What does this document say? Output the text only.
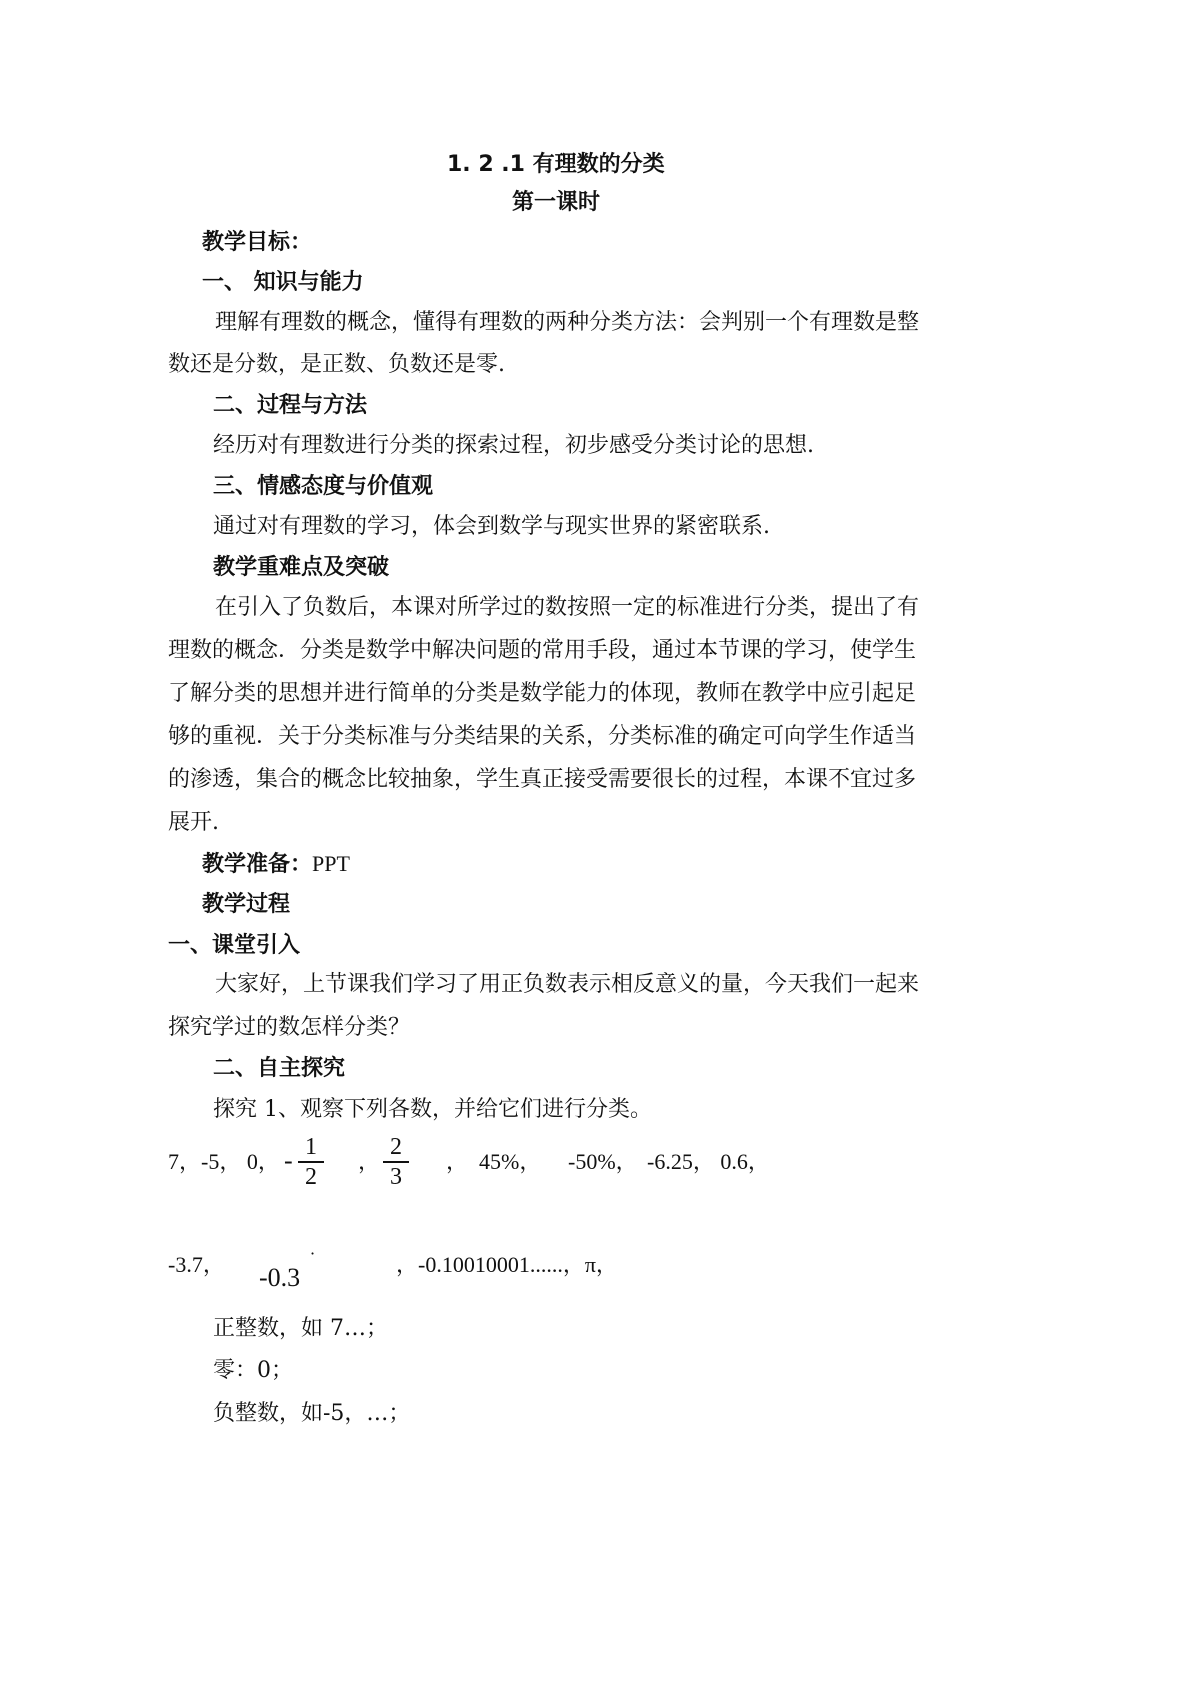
1. 2 .1 有理数的分类
第一课时
教学目标：
一、 知识与能力
理解有理数的概念，懂得有理数的两种分类方法：会判别一个有理数是整
数还是分数，是正数、负数还是零.
二、过程与方法
经历对有理数进行分类的探索过程，初步感受分类讨论的思想.
三、情感态度与价值观
通过对有理数的学习，体会到数学与现实世界的紧密联系.
教学重难点及突破
在引入了负数后，本课对所学过的数按照一定的标准进行分类，提出了有
理数的概念．分类是数学中解决问题的常用手段，通过本节课的学习，使学生
了解分类的思想并进行简单的分类是数学能力的体现，教师在教学中应引起足
够的重视．关于分类标准与分类结果的关系，分类标准的确定可向学生作适当
的渗透，集合的概念比较抽象，学生真正接受需要很长的过程，本课不宜过多
展开.
教学准备：PPT
教学过程
一、课堂引入
大家好，上节课我们学习了用正负数表示相反意义的量，今天我们一起来
探究学过的数怎样分类？
二、自主探究
探究 1、观察下列各数，并给它们进行分类。
7，-5， 0， - 1
2
，
2
3
， 45%， -50%， -6.25， 0.6，
-3.7， -0.3
·	，-0.10010001......，π，
正整数，如 7…；
零：0；
负整数，如-5，…；
